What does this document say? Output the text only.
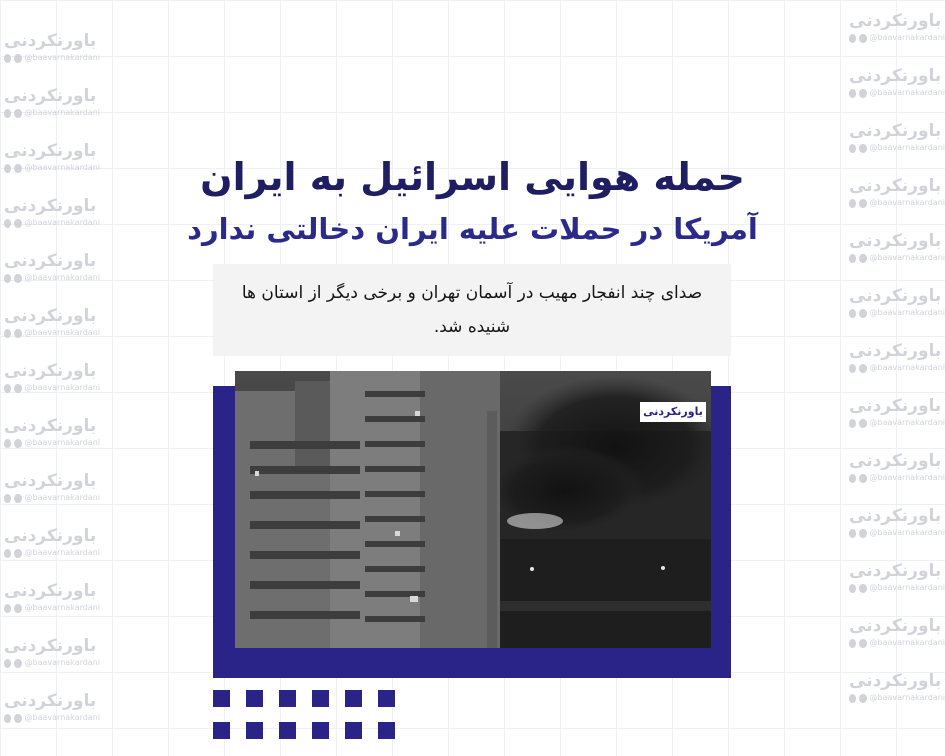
باورنکردنی
@baavarnakardani
باورنکردنی
@baavarnakardani
باورنکردنی
@baavarnakardani
باورنکردنی
@baavarnakardani
باورنکردنی
@baavarnakardani
باورنکردنی
@baavarnakardani
باورنکردنی
@baavarnakardani
باورنکردنی
@baavarnakardani
باورنکردنی
@baavarnakardani
باورنکردنی
@baavarnakardani
باورنکردنی
@baavarnakardani
باورنکردنی
@baavarnakardani
باورنکردنی
@baavarnakardani
باورنکردنی
@baavarnakardani
باورنکردنی
@baavarnakardani
باورنکردنی
@baavarnakardani
باورنکردنی
@baavarnakardani
باورنکردنی
@baavarnakardani
باورنکردنی
@baavarnakardani
باورنکردنی
@baavarnakardani
باورنکردنی
@baavarnakardani
باورنکردنی
@baavarnakardani
باورنکردنی
@baavarnakardani
باورنکردنی
@baavarnakardani
باورنکردنی
@baavarnakardani
باورنکردنی
@baavarnakardani
حمله هوایی اسرائیل به ایران
آمریکا در حملات علیه ایران دخالتی ندارد

صدای چند انفجار مهیب در آسمان تهران و برخی دیگر از استان ها شنیده شد.

باورنکردنی
